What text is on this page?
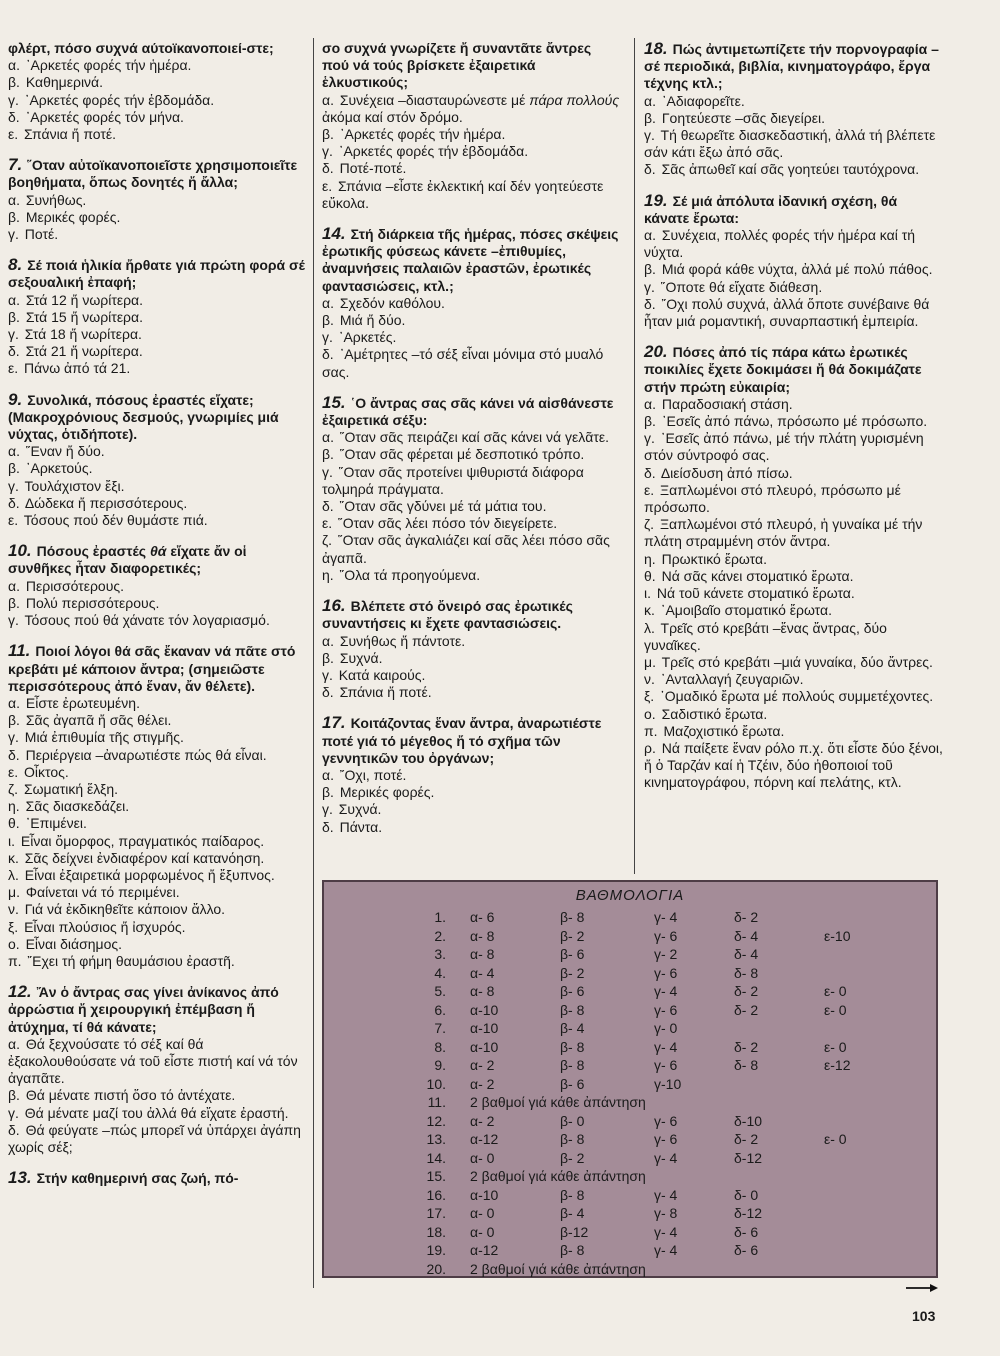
φλέρτ, πόσο συχνά αύτοϊκανοποιεί-στε;
α. ᾿Αρκετές φορές τήν ἡμέρα.
β. Καθημερινά.
γ. ᾿Αρκετές φορές τήν ἑβδομάδα.
δ. ᾿Αρκετές φορές τόν μήνα.
ε. Σπάνια ἤ ποτέ.
7. ῞Οταν αὐτοϊκανοποιεῖστε χρησιμοποιεῖτε βοηθήματα, ὅπως δονητές ἤ ἄλλα;
α. Συνήθως.
β. Μερικές φορές.
γ. Ποτέ.
8. Σέ ποιά ἡλικία ἤρθατε γιά πρώτη φορά σέ σεξουαλική ἐπαφή;
α. Στά 12 ἤ νωρίτερα.
β. Στά 15 ἤ νωρίτερα.
γ. Στά 18 ἤ νωρίτερα.
δ. Στά 21 ἤ νωρίτερα.
ε. Πάνω ἀπό τά 21.
9. Συνολικά, πόσους ἐραστές εἴχατε; (Μακροχρόνιους δεσμούς, γνωριμίες μιά νύχτας, ὁτιδήποτε).
α. ῞Εναν ἤ δύο.
β. ᾿Αρκετούς.
γ. Τουλάχιστον ἔξι.
δ. Δώδεκα ἤ περισσότερους.
ε. Τόσους πού δέν θυμάστε πιά.
10. Πόσους ἐραστές θά εἴχατε ἄν οἱ συνθῆκες ἦταν διαφορετικές;
α. Περισσότερους.
β. Πολύ περισσότερους.
γ. Τόσους πού θά χάνατε τόν λογαριασμό.
11. Ποιοί λόγοι θά σᾶς ἔκαναν νά πᾶτε στό κρεβάτι μέ κάποιον ἄντρα; (σημειῶστε περισσότερους ἀπό ἕναν, ἄν θέλετε).
α. Εἶστε ἐρωτευμένη.
β. Σᾶς ἀγαπᾶ ἤ σᾶς θέλει.
γ. Μιά ἐπιθυμία τῆς στιγμῆς.
δ. Περιέργεια –ἀναρωτιέστε πώς θά εἶναι.
ε. Οἶκτος.
ζ. Σωματική ἕλξη.
η. Σᾶς διασκεδάζει.
θ. ᾿Επιμένει.
ι. Εἶναι ὄμορφος, πραγματικός παίδαρος.
κ. Σᾶς δείχνει ἐνδιαφέρον καί κατανόηση.
λ. Εἶναι ἐξαιρετικά μορφωμένος ἤ ἔξυπνος.
μ. Φαίνεται νά τό περιμένει.
ν. Γιά νά ἐκδικηθεῖτε κάποιον ἄλλο.
ξ. Εἶναι πλούσιος ἤ ἰσχυρός.
ο. Εἶναι διάσημος.
π. ῎Εχει τή φήμη θαυμάσιου ἐραστῆ.
12. Ἄν ὁ ἄντρας σας γίνει ἀνίκανος ἀπό ἀρρώστια ἤ χειρουργική ἐπέμβαση ἤ ἀτύχημα, τί θά κάνατε;
α. Θά ξεχνούσατε τό σέξ καί θά ἐξακολουθούσατε νά τοῦ εἶστε πιστή καί νά τόν ἀγαπᾶτε.
β. Θά μένατε πιστή ὅσο τό ἀντέχατε.
γ. Θά μένατε μαζί του ἀλλά θά εἴχατε ἐραστή.
δ. Θά φεύγατε –πώς μπορεῖ νά ὑπάρχει ἀγάπη χωρίς σέξ;
13. Στήν καθημερινή σας ζωή, πό-
σο συχνά γνωρίζετε ἤ συναντᾶτε ἄντρες πού νά τούς βρίσκετε ἐξαιρετικά ἑλκυστικούς;
α. Συνέχεια –διασταυρώνεστε μέ πάρα πολλούς ἀκόμα καί στόν δρόμο.
β. ᾿Αρκετές φορές τήν ἡμέρα.
γ. ᾿Αρκετές φορές τήν ἑβδομάδα.
δ. Ποτέ-ποτέ.
ε. Σπάνια –εἶστε ἐκλεκτική καί δέν γοητεύεστε εὔκολα.
14. Στή διάρκεια τῆς ἡμέρας, πόσες σκέψεις ἐρωτικῆς φύσεως κάνετε –ἐπιθυμίες, ἀναμνήσεις παλαιῶν ἐραστῶν, ἐρωτικές φαντασιώσεις, κτλ.;
α. Σχεδόν καθόλου.
β. Μιά ἤ δύο.
γ. ᾿Αρκετές.
δ. ᾿Αμέτρητες –τό σέξ εἶναι μόνιμα στό μυαλό σας.
15. ῾Ο ἄντρας σας σᾶς κάνει νά αἰσθάνεστε ἐξαιρετικά σέξυ:
α. ῞Οταν σᾶς πειράζει καί σᾶς κάνει νά γελᾶτε.
β. ῞Οταν σᾶς φέρεται μέ δεσποτικό τρόπο.
γ. ῞Οταν σᾶς προτείνει ψιθυριστά διάφορα τολμηρά πράγματα.
δ. ῞Οταν σᾶς γδύνει μέ τά μάτια του.
ε. ῞Οταν σᾶς λέει πόσο τόν διεγείρετε.
ζ. ῞Οταν σᾶς ἀγκαλιάζει καί σᾶς λέει πόσο σᾶς ἀγαπᾶ.
η. ῞Ολα τά προηγούμενα.
16. Βλέπετε στό ὄνειρό σας ἐρωτικές συναντήσεις κι ἔχετε φαντασιώσεις.
α. Συνήθως ἤ πάντοτε.
β. Συχνά.
γ. Κατά καιρούς.
δ. Σπάνια ἤ ποτέ.
17. Κοιτάζοντας ἕναν ἄντρα, ἀναρωτιέστε ποτέ γιά τό μέγεθος ἤ τό σχῆμα τῶν γεννητικῶν του ὀργάνων;
α. ῎Οχι, ποτέ.
β. Μερικές φορές.
γ. Συχνά.
δ. Πάντα.
18. Πώς ἀντιμετωπίζετε τήν πορνογραφία –σέ περιοδικά, βιβλία, κινηματογράφο, ἔργα τέχνης κτλ.;
α. ᾿Αδιαφορεῖτε.
β. Γοητεύεστε –σᾶς διεγείρει.
γ. Τή θεωρεῖτε διασκεδαστική, ἀλλά τή βλέπετε σάν κάτι ἔξω ἀπό σᾶς.
δ. Σᾶς ἀπωθεῖ καί σᾶς γοητεύει ταυτόχρονα.
19. Σέ μιά ἀπόλυτα ἰδανική σχέση, θά κάνατε ἔρωτα:
α. Συνέχεια, πολλές φορές τήν ἡμέρα καί τή νύχτα.
β. Μιά φορά κάθε νύχτα, ἀλλά μέ πολύ πάθος.
γ. ῞Οποτε θά εἴχατε διάθεση.
δ. ῎Οχι πολύ συχνά, ἀλλά ὅποτε συνέβαινε θά ἦταν μιά ρομαντική, συναρπαστική ἐμπειρία.
20. Πόσες ἀπό τίς πάρα κάτω ἐρωτικές ποικιλίες ἔχετε δοκιμάσει ἤ θά δοκιμάζατε στήν πρώτη εὐκαιρία;
α. Παραδοσιακή στάση.
β. ᾿Εσεῖς ἀπό πάνω, πρόσωπο μέ πρόσωπο.
γ. ᾿Εσεῖς ἀπό πάνω, μέ τήν πλάτη γυρισμένη στόν σύντροφό σας.
δ. Διείσδυση ἀπό πίσω.
ε. Ξαπλωμένοι στό πλευρό, πρόσωπο μέ πρόσωπο.
ζ. Ξαπλωμένοι στό πλευρό, ἡ γυναίκα μέ τήν πλάτη στραμμένη στόν ἄντρα.
η. Πρωκτικό ἔρωτα.
θ. Νά σᾶς κάνει στοματικό ἔρωτα.
ι. Νά τοῦ κάνετε στοματικό ἔρωτα.
κ. ᾿Αμοιβαῖο στοματικό ἔρωτα.
λ. Τρεῖς στό κρεβάτι –ἕνας ἄντρας, δύο γυναῖκες.
μ. Τρεῖς στό κρεβάτι –μιά γυναίκα, δύο ἄντρες.
ν. ᾿Ανταλλαγή ζευγαριῶν.
ξ. ῾Ομαδικό ἔρωτα μέ πολλούς συμμετέχοντες.
ο. Σαδιστικό ἔρωτα.
π. Μαζοχιστικό ἔρωτα.
ρ. Νά παίξετε ἕναν ρόλο π.χ. ὅτι εἶστε δύο ξένοι, ἤ ὁ Ταρζάν καί ἡ Τζέιν, δύο ἠθοποιοί τοῦ κινηματογράφου, πόρνη καί πελάτης, κτλ.
ΒΑΘΜΟΛΟΓΙΑ
1. α- 6	β- 8	γ- 4	δ- 2
2. α- 8	β- 2	γ- 6	δ- 4	ε-10
3. α- 8	β- 6	γ- 2	δ- 4
4. α- 4	β- 2	γ- 6	δ- 8
5. α- 8	β- 6	γ- 4	δ- 2	ε- 0
6. α-10	β- 8	γ- 6	δ- 2	ε- 0
7. α-10	β- 4	γ- 0
8. α-10	β- 8	γ- 4	δ- 2	ε- 0
9. α- 2	β- 8	γ- 6	δ- 8	ε-12
10. α- 2	β- 6	γ-10
11. 2 βαθμοί γιά κάθε ἀπάντηση
12. α- 2	β- 0	γ- 6	δ-10
13. α-12	β- 8	γ- 6	δ- 2	ε- 0
14. α- 0	β- 2	γ- 4	δ-12
15. 2 βαθμοί γιά κάθε ἀπάντηση
16. α-10	β- 8	γ- 4	δ- 0
17. α- 0	β- 4	γ- 8	δ-12
18. α- 0	β-12	γ- 4	δ- 6
19. α-12	β- 8	γ- 4	δ- 6
20. 2 βαθμοί γιά κάθε ἀπάντηση
103
